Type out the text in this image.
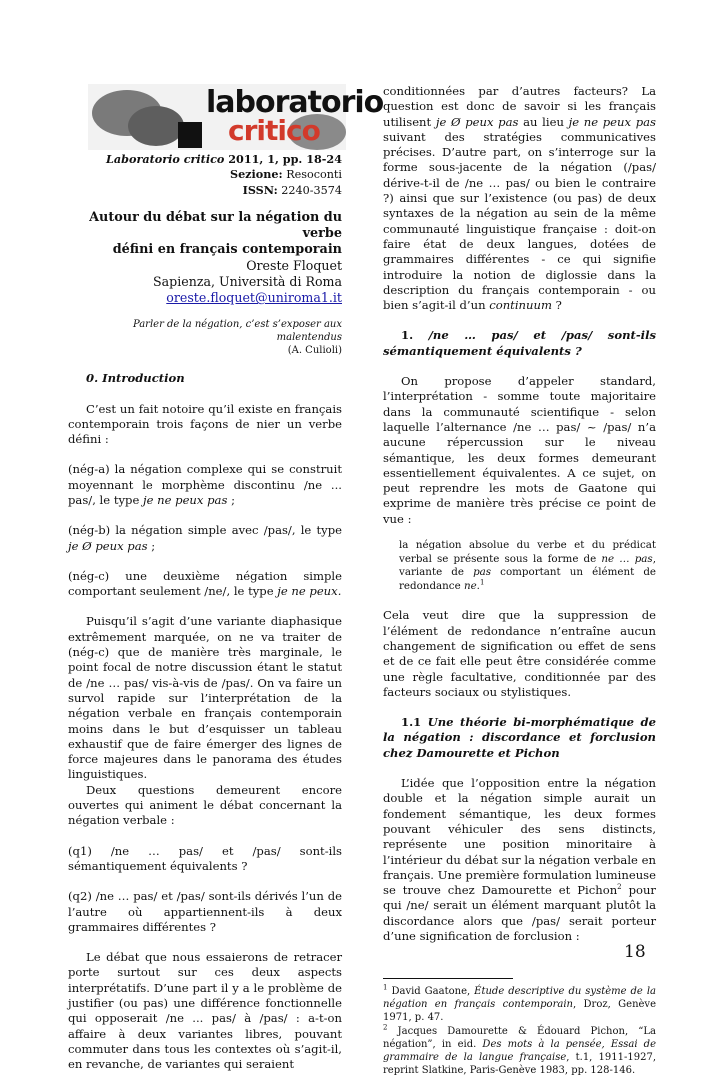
laboratorio
critico
Laboratorio critico 2011, 1, pp. 18-24
Sezione: Resoconti
ISSN: 2240-3574
Autour du débat sur la négation du verbe
défini en français contemporain
Oreste Floquet
Sapienza, Università di Roma
oreste.floquet@uniroma1.it
Parler de la négation, c’est s’exposer aux malentendus
(A. Culioli)
0. Introduction

C’est un fait notoire qu’il existe en français contemporain trois façons de nier un verbe défini :

(nég-a) la négation complexe qui se construit moyennant le morphème discontinu /ne ... pas/, le type je ne peux pas ;

(nég-b) la négation simple avec /pas/, le type je Ø peux pas ;

(nég-c) une deuxième négation simple comportant seulement /ne/, le type je ne peux.

Puisqu’il s’agit d’une variante diaphasique extrêmement marquée, on ne va traiter de (nég-c) que de manière très marginale, le point focal de notre discussion étant le statut de /ne … pas/ vis-à-vis de /pas/. On va faire un survol rapide sur l’interprétation de la négation verbale en français contemporain moins dans le but d’esquisser un tableau exhaustif que de faire émerger des lignes de force majeures dans le panorama des études linguistiques.

Deux questions demeurent encore ouvertes qui animent le débat concernant la négation verbale :

(q1) /ne … pas/ et /pas/ sont-ils sémantiquement équivalents ?

(q2) /ne … pas/ et /pas/ sont-ils dérivés l’un de l’autre où appartiennent-ils à deux grammaires différentes ?

Le débat que nous essaierons de retracer porte surtout sur ces deux aspects interprétatifs. D’une part il y a le problème de justifier (ou pas) une différence fonctionnelle qui opposerait /ne ... pas/ à /pas/ : a-t-on affaire à deux variantes libres, pouvant commuter dans tous les contextes où s’agit-il, en revanche, de variantes qui seraient

conditionnées par d’autres facteurs? La question est donc de savoir si les français utilisent je Ø peux pas au lieu je ne peux pas suivant des stratégies communicatives précises. D’autre part, on s’interroge sur la forme sous-jacente de la négation (/pas/ dérive-t-il de /ne … pas/ ou bien le contraire ?) ainsi que sur l’existence (ou pas) de deux syntaxes de la négation au sein de la même communauté linguistique française : doit-on faire état de deux langues, dotées de grammaires différentes - ce qui signifie introduire la notion de diglossie dans la description du français contemporain - ou bien s’agit-il d’un continuum ?

1. /ne … pas/ et /pas/ sont-ils sémantiquement équivalents ?

On propose d’appeler standard, l’interprétation - somme toute majoritaire dans la communauté scientifique - selon laquelle l’alternance /ne … pas/ ~ /pas/ n’a aucune répercussion sur le niveau sémantique, les deux formes demeurant essentiellement équivalentes. A ce sujet, on peut reprendre les mots de Gaatone qui exprime de manière très précise ce point de vue :

la négation absolue du verbe et du prédicat verbal se présente sous la forme de ne … pas, variante de pas comportant un élément de redondance ne.$^1$

Cela veut dire que la suppression de l’élément de redondance n’entraîne aucun changement de signification ou effet de sens et de ce fait elle peut être considérée comme une règle facultative, conditionnée par des facteurs sociaux ou stylistiques.

1.1 Une théorie bi-morphématique de la négation : discordance et forclusion chez Damourette et Pichon

L’idée que l’opposition entre la négation double et la négation simple aurait un fondement sémantique, les deux formes pouvant véhiculer des sens distincts, représente une position minoritaire à l’intérieur du débat sur la négation verbale en français. Une première formulation lumineuse se trouve chez Damourette et Pichon$^2$ pour qui /ne/ serait un élément marquant plutôt la discordance alors que /pas/ serait porteur d’une signification de forclusion :

$^1$ David Gaatone, Étude descriptive du système de la négation en français contemporain, Droz, Genève 1971, p. 47.
$^2$ Jacques Damourette & Édouard Pichon, “La négation”, in eid. Des mots à la pensée, Essai de grammaire de la langue française, t.1, 1911-1927, reprint Slatkine, Paris-Genève 1983, pp. 128-146.
18
